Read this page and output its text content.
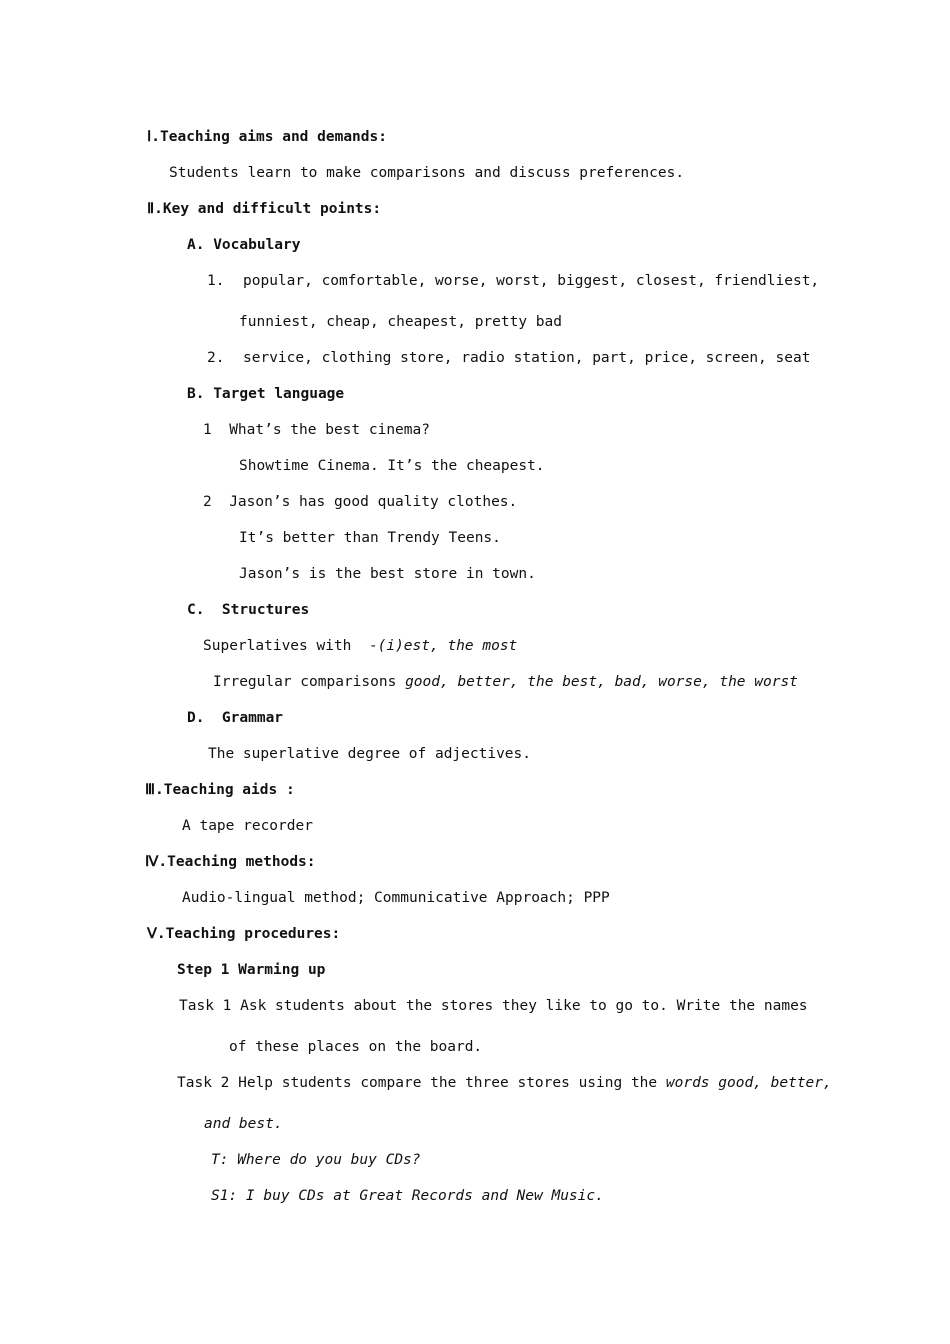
Ⅰ.Teaching aims and demands:
Students learn to make comparisons and discuss preferences.
Ⅱ.Key and difficult points:
A. Vocabulary
1. popular, comfortable, worse, worst, biggest, closest, friendliest,
funniest, cheap, cheapest, pretty bad
2. service, clothing store, radio station, part, price, screen, seat
B. Target language
1  What’s the best cinema?
Showtime Cinema. It’s the cheapest.
2  Jason’s has good quality clothes.
It’s better than Trendy Teens.
Jason’s is the best store in town.
C.  Structures
Superlatives with  -(i)est, the most
Irregular comparisons good, better, the best, bad, worse, the worst
D.  Grammar
The superlative degree of adjectives.
Ⅲ.Teaching aids :
A tape recorder
Ⅳ.Teaching methods:
Audio-lingual method; Communicative Approach; PPP
Ⅴ.Teaching procedures:
Step 1 Warming up
Task 1 Ask students about the stores they like to go to. Write the names
of these places on the board.
Task 2 Help students compare the three stores using the words good, better,
and best.
T: Where do you buy CDs?
S1: I buy CDs at Great Records and New Music.
